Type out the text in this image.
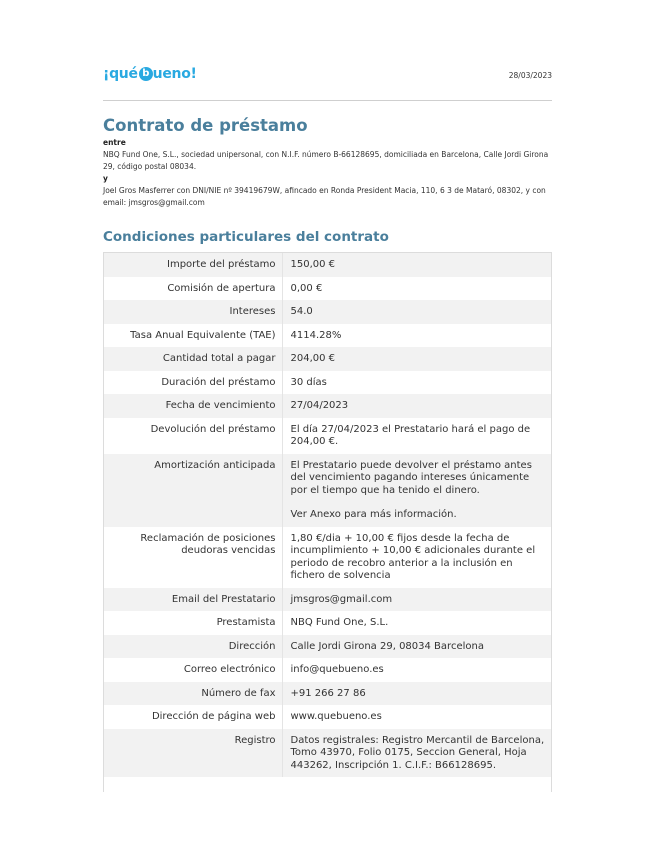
¡qué b ueno!	28/03/2023
Contrato de préstamo
entre
NBQ Fund One, S.L., sociedad unipersonal, con N.I.F. número B-66128695, domiciliada en Barcelona, Calle Jordi Girona 29, código postal 08034.
y
Joel Gros Masferrer con DNI/NIE nº 39419679W, afincado en Ronda President Macia, 110, 6 3 de Mataró, 08302, y con email: jmsgros@gmail.com
Condiciones particulares del contrato
Importe del préstamo	150,00 €

Comisión de apertura	0,00 €

Intereses	54.0

Tasa Anual Equivalente (TAE)	4114.28%

Cantidad total a pagar	204,00 €

Duración del préstamo	30 días

Fecha de vencimiento	27/04/2023

Devolución del préstamo	El día 27/04/2023 el Prestatario hará el pago de 204,00 €.

Amortización anticipada	El Prestatario puede devolver el préstamo antes del vencimiento pagando intereses únicamente por el tiempo que ha tenido el dinero.
Ver Anexo para más información.

Reclamación de posiciones deudoras vencidas	1,80 €/dia + 10,00 € fijos desde la fecha de incumplimiento + 10,00 € adicionales durante el periodo de recobro anterior a la inclusión en fichero de solvencia

Email del Prestatario	jmsgros@gmail.com

Prestamista	NBQ Fund One, S.L.

Dirección	Calle Jordi Girona 29, 08034 Barcelona

Correo electrónico	info@quebueno.es

Número de fax	+91 266 27 86

Dirección de página web	www.quebueno.es

Registro	Datos registrales: Registro Mercantil de Barcelona, Tomo 43970, Folio 0175, Seccion General, Hoja 443262, Inscripción 1. C.I.F.: B66128695.
